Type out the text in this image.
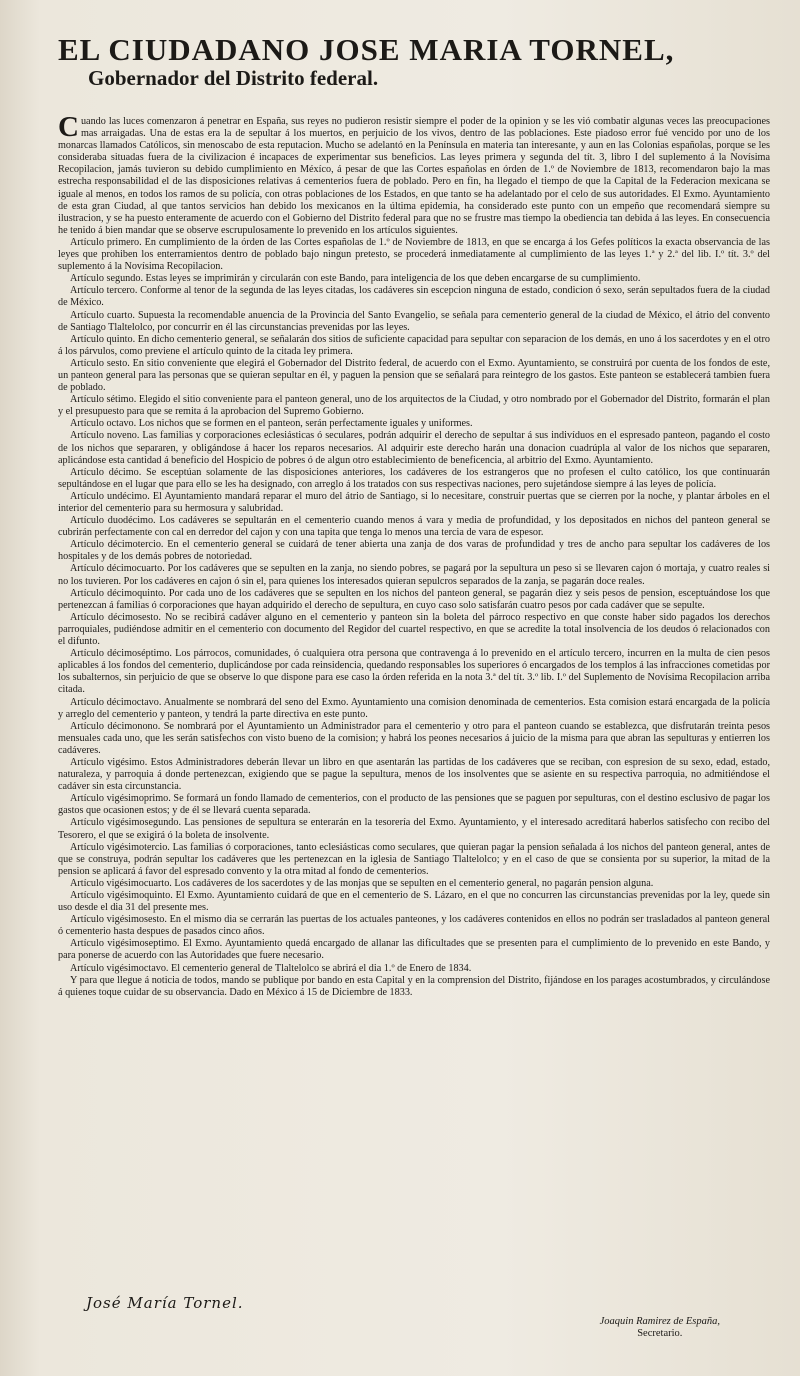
EL CIUDADANO JOSE MARIA TORNEL,
Gobernador del Distrito federal.

Cuando las luces comenzaron á penetrar en España, sus reyes no pudieron resistir siempre el poder de la opinion y se les vió combatir algunas veces las preocupaciones mas arraigadas. Una de estas era la de sepultar á los muertos, en perjuicio de los vivos, dentro de las poblaciones. Este piadoso error fué vencido por uno de los monarcas llamados Católicos, sin menoscabo de esta reputacion. Mucho se adelantó en la Península en materia tan interesante, y aun en las Colonias españolas, porque se les consideraba situadas fuera de la civilizacion é incapaces de experimentar sus beneficios. Las leyes primera y segunda del tít. 3, libro I del suplemento á la Novísima Recopilacion, jamás tuvieron su debido cumplimiento en Méxíco, á pesar de que las Cortes españolas en órden de 1.º de Noviembre de 1813, recomendaron bajo la mas estrecha responsabilidad el de las disposiciones relativas á cementerios fuera de poblado. Pero en fin, ha llegado el tiempo de que la Capital de la Federacion mexicana se iguale al menos, en todos los ramos de su policía, con otras poblaciones de los Estados, en que tanto se ha adelantado por el celo de sus autoridades. El Exmo. Ayuntamiento de esta gran Ciudad, al que tantos servicios han debido los mexicanos en la última epidemia, ha considerado este punto con un empeño que recomendará siempre su ilustracion, y se ha puesto enteramente de acuerdo con el Gobierno del Distrito federal para que no se frustre mas tiempo la obediencia tan debida á las leyes. En consecuencia he tenido á bien mandar que se observe escrupulosamente lo prevenido en los artículos siguientes.

Artículo primero. En cumplimiento de la órden de las Cortes españolas de 1.º de Noviembre de 1813, en que se encarga á los Gefes políticos la exacta observancia de las leyes que prohiben los enterramientos dentro de poblado bajo ningun pretesto, se procederá inmediatamente al cumplimiento de las leyes 1.ª y 2.ª del lib. I.º tít. 3.º del suplemento á la Novísima Recopilacion.

Artículo segundo. Estas leyes se imprimirán y circularán con este Bando, para inteligencia de los que deben encargarse de su cumplimiento.

Artículo tercero. Conforme al tenor de la segunda de las leyes citadas, los cadáveres sin escepcion ninguna de estado, condicion ó sexo, serán sepultados fuera de la ciudad de México.

Artículo cuarto. Supuesta la recomendable anuencia de la Provincia del Santo Evangelio, se señala para cementerio general de la ciudad de México, el átrio del convento de Santiago Tlaltelolco, por concurrir en él las circunstancias prevenidas por las leyes.

Artículo quinto. En dicho cementerio general, se señalarán dos sitios de suficiente capacidad para sepultar con separacion de los demás, en uno á los sacerdotes y en el otro á los párvulos, como previene el artículo quinto de la citada ley primera.

Artículo sesto. En sitio conveniente que elegirá el Gobernador del Distrito federal, de acuerdo con el Exmo. Ayuntamiento, se construirá por cuenta de los fondos de este, un panteon general para las personas que se quieran sepultar en él, y paguen la pension que se señalará para reintegro de los gastos. Este panteon se establecerá tambien fuera de poblado.

Artículo sétimo. Elegido el sitio conveniente para el panteon general, uno de los arquitectos de la Ciudad, y otro nombrado por el Gobernador del Distrito, formarán el plan y el presupuesto para que se remita á la aprobacion del Supremo Gobierno.

Artículo octavo. Los nichos que se formen en el panteon, serán perfectamente iguales y uniformes.

Artículo noveno. Las familias y corporaciones eclesiásticas ó seculares, podrán adquirir el derecho de sepultar á sus indivíduos en el espresado panteon, pagando el costo de los nichos que separaren, y obligándose á hacer los reparos necesarios. Al adquirir este derecho harán una donacion cuadrúpla al valor de los nichos que separaren, aplicándose esta cantidad á beneficio del Hospicio de pobres ó de algun otro establecimiento de beneficencia, al arbitrio del Exmo. Ayuntamiento.

Artículo décimo. Se esceptúan solamente de las disposiciones anteriores, los cadáveres de los estrangeros que no profesen el culto católico, los que continuarán sepultándose en el lugar que para ello se les ha designado, con arreglo á los tratados con sus respectivas naciones, pero sujetándose siempre á las leyes de policía.

Artículo undécimo. El Ayuntamiento mandará reparar el muro del átrio de Santiago, si lo necesitare, construir puertas que se cierren por la noche, y plantar árboles en el interior del cementerio para su hermosura y salubridad.

Artículo duodécimo. Los cadáveres se sepultarán en el cementerio cuando menos á vara y media de profundidad, y los depositados en nichos del panteon general se cubrirán perfectamente con cal en derredor del cajon y con una tapita que tenga lo menos una tercia de vara de espesor.

Artículo décimotercio. En el cementerio general se cuidará de tener abierta una zanja de dos varas de profundidad y tres de ancho para sepultar los cadáveres de los hospitales y de los demás pobres de notoriedad.

Artículo décimocuarto. Por los cadáveres que se sepulten en la zanja, no siendo pobres, se pagará por la sepultura un peso si se llevaren cajon ó mortaja, y cuatro reales si no los tuvieren. Por los cadáveres en cajon ó sin el, para quienes los interesados quieran sepulcros separados de la zanja, se pagarán doce reales.

Artículo décimoquinto. Por cada uno de los cadáveres que se sepulten en los nichos del panteon general, se pagarán diez y seis pesos de pension, esceptuándose los que pertenezcan á familias ó corporaciones que hayan adquirido el derecho de sepultura, en cuyo caso solo satisfarán cuatro pesos por cada cadáver que se sepulte.

Artículo décimosesto. No se recibirá cadáver alguno en el cementerio y panteon sin la boleta del párroco respectivo en que conste haber sido pagados los derechos parroquiales, pudiéndose admitir en el cementerio con documento del Regidor del cuartel respectivo, en que se acredite la total insolvencia de los deudos ó relacionados con el difunto.

Artículo décimoséptimo. Los párrocos, comunidades, ó cualquiera otra persona que contravenga á lo prevenido en el artículo tercero, incurren en la multa de cien pesos aplicables á los fondos del cementerio, duplicándose por cada reinsidencia, quedando responsables los superiores ó encargados de los templos á las infracciones cometidas por los subalternos, sin perjuicio de que se observe lo que dispone para ese caso la órden referida en la nota 3.ª del tít. 3.º lib. I.º del Suplemento de Novísima Recopilacion arriba citada.

Artículo décimoctavo. Anualmente se nombrará del seno del Exmo. Ayuntamiento una comision denominada de cementerios. Esta comision estará encargada de la policía y arreglo del cementerio y panteon, y tendrá la parte directiva en este punto.

Artículo décimonono. Se nombrará por el Ayuntamiento un Administrador para el cementerio y otro para el panteon cuando se establezca, que disfrutarán treinta pesos mensuales cada uno, que les serán satisfechos con visto bueno de la comision; y habrá los peones necesarios á juicio de la misma para que abran las sepulturas y entierren los cadáveres.

Artículo vigésimo. Estos Administradores deberán llevar un libro en que asentarán las partidas de los cadáveres que se reciban, con espresion de su sexo, edad, estado, naturaleza, y parroquia á donde pertenezcan, exigiendo que se pague la sepultura, menos de los insolventes que se asiente en su respectiva parroquia, no admitiéndose el cadáver sin esta circunstancia.

Artículo vigésimoprimo. Se formará un fondo llamado de cementerios, con el producto de las pensiones que se paguen por sepulturas, con el destino esclusivo de pagar los gastos que ocasionen estos; y de él se llevará cuenta separada.

Artículo vigésimosegundo. Las pensiones de sepultura se enterarán en la tesorería del Exmo. Ayuntamiento, y el interesado acreditará haberlos satisfecho con recibo del Tesorero, el que se exigirá ó la boleta de insolvente.

Artículo vigésimotercio. Las familias ó corporaciones, tanto eclesiásticas como seculares, que quieran pagar la pension señalada á los nichos del panteon general, antes de que se construya, podrán sepultar los cadáveres que les pertenezcan en la iglesia de Santiago Tlaltelolco; y en el caso de que se consienta por su superior, la mitad de la pension se aplicará á favor del espresado convento y la otra mitad al fondo de cementerios.

Artículo vigésimocuarto. Los cadáveres de los sacerdotes y de las monjas que se sepulten en el cementerio general, no pagarán pension alguna.

Artículo vigésimoquinto. El Exmo. Ayuntamiento cuidará de que en el cementerio de S. Lázaro, en el que no concurren las circunstancias prevenidas por la ley, quede sin uso desde el dia 31 del presente mes.

Artículo vigésimosesto. En el mismo dia se cerrarán las puertas de los actuales panteones, y los cadáveres contenidos en ellos no podrán ser trasladados al panteon general ó cementerio hasta despues de pasados cinco años.

Artículo vigésimoseptimo. El Exmo. Ayuntamiento quedá encargado de allanar las dificultades que se presenten para el cumplimiento de lo prevenido en este Bando, y para ponerse de acuerdo con las Autoridades que fuere necesario.

Artículo vigésimoctavo. El cementerio general de Tlaltelolco se abrirá el dia 1.º de Enero de 1834.

Y para que llegue á noticia de todos, mando se publique por bando en esta Capital y en la comprension del Distrito, fijándose en los parages acostumbrados, y circulándose á quienes toque cuidar de su observancia. Dado en México á 15 de Diciembre de 1833.

José María Tornel.
Joaquin Ramirez de España,
Secretario.
